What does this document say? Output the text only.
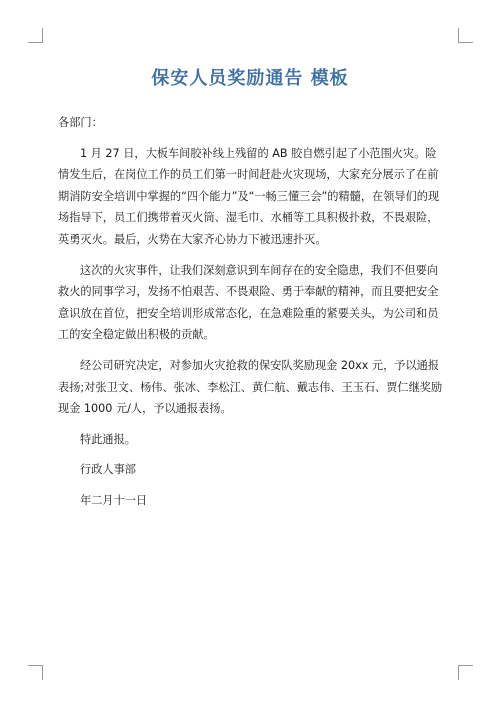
保安人员奖励通告 模板

各部门：

1 月 27 日，大板车间胶补线上残留的 AB 胶自燃引起了小范围火灾。险情发生后，在岗位工作的员工们第一时间赶赴火灾现场，大家充分展示了在前期消防安全培训中掌握的“四个能力”及“一畅三懂三会”的精髓，在领导们的现场指导下，员工们携带着灭火筒、湿毛巾、水桶等工具积极扑救，不畏艰险，英勇灭火。最后，火势在大家齐心协力下被迅速扑灭。

这次的火灾事件，让我们深刻意识到车间存在的安全隐患，我们不但要向救火的同事学习，发扬不怕艰苦、不畏艰险、勇于奉献的精神，而且要把安全意识放在首位，把安全培训形成常态化，在急难险重的紧要关头，为公司和员工的安全稳定做出积极的贡献。

经公司研究决定，对参加火灾抢救的保安队奖励现金 20xx 元，予以通报表扬;对张卫文、杨伟、张冰、李松江、黄仁航、戴志伟、王玉石、贾仁继奖励现金 1000 元/人，予以通报表扬。

特此通报。

行政人事部

年二月十一日
